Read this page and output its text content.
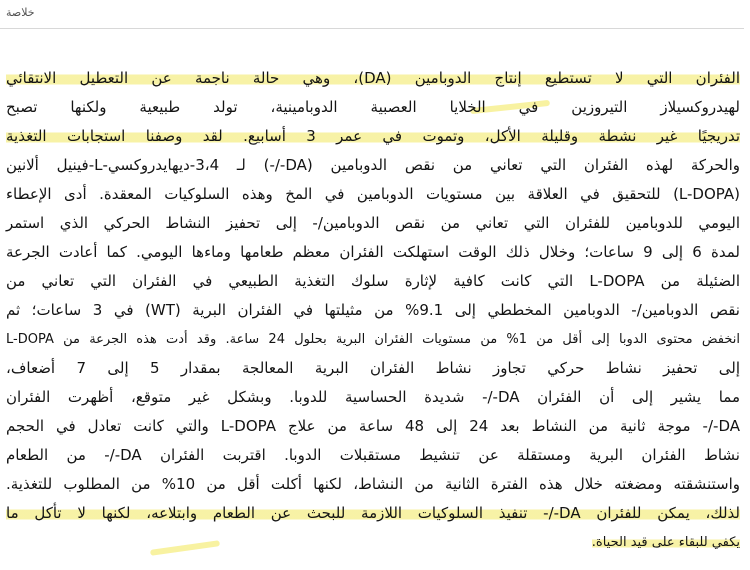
خلاصة
الفئران التي لا تستطيع إنتاج الدوبامين (DA)، وهي حالة ناجمة عن التعطيل الانتقائي
لهيدروكسيلاز التيروزين في الخلايا العصبية الدوبامينية، تولد طبيعية ولكنها تصبح
تدريجيًا غير نشطة وقليلة الأكل، وتموت في عمر 3 أسابيع. لقد وصفنا استجابات التغذية
والحركة لهذه الفئران التي تعاني من نقص الدوبامين (DA-/-) لـ 3،4-ديهايدروكسي-L-فينيل ألانين
(L-DOPA) للتحقيق في العلاقة بين مستويات الدوبامين في المخ وهذه السلوكيات المعقدة. أدى الإعطاء
اليومي للدوبامين للفئران التي تعاني من نقص الدوبامين/- إلى تحفيز النشاط الحركي الذي استمر
لمدة 6 إلى 9 ساعات؛ وخلال ذلك الوقت استهلكت الفئران معظم طعامها وماءها اليومي. كما أعادت الجرعة
الضئيلة من L-DOPA التي كانت كافية لإثارة سلوك التغذية الطبيعي في الفئران التي تعاني من
نقص الدوبامين/- الدوبامين المخططي إلى 9.1% من مثيلتها في الفئران البرية (WT) في 3 ساعات؛ ثم
انخفض محتوى الدوبا إلى أقل من 1% من مستويات الفئران البرية بحلول 24 ساعة. وقد أدت هذه الجرعة من L-DOPA
إلى تحفيز نشاط حركي تجاوز نشاط الفئران البرية المعالجة بمقدار 5 إلى 7 أضعاف،
مما يشير إلى أن الفئران DA-/- شديدة الحساسية للدوبا. وبشكل غير متوقع، أظهرت الفئران
DA-/- موجة ثانية من النشاط بعد 24 إلى 48 ساعة من علاج L-DOPA والتي كانت تعادل في الحجم
نشاط الفئران البرية ومستقلة عن تنشيط مستقبلات الدوبا. اقتربت الفئران DA-/- من الطعام
واستنشقته ومضغته خلال هذه الفترة الثانية من النشاط، لكنها أكلت أقل من 10% من المطلوب للتغذية.
لذلك، يمكن للفئران DA-/- تنفيذ السلوكيات اللازمة للبحث عن الطعام وابتلاعه، لكنها لا تأكل ما
يكفي للبقاء على قيد الحياة.
